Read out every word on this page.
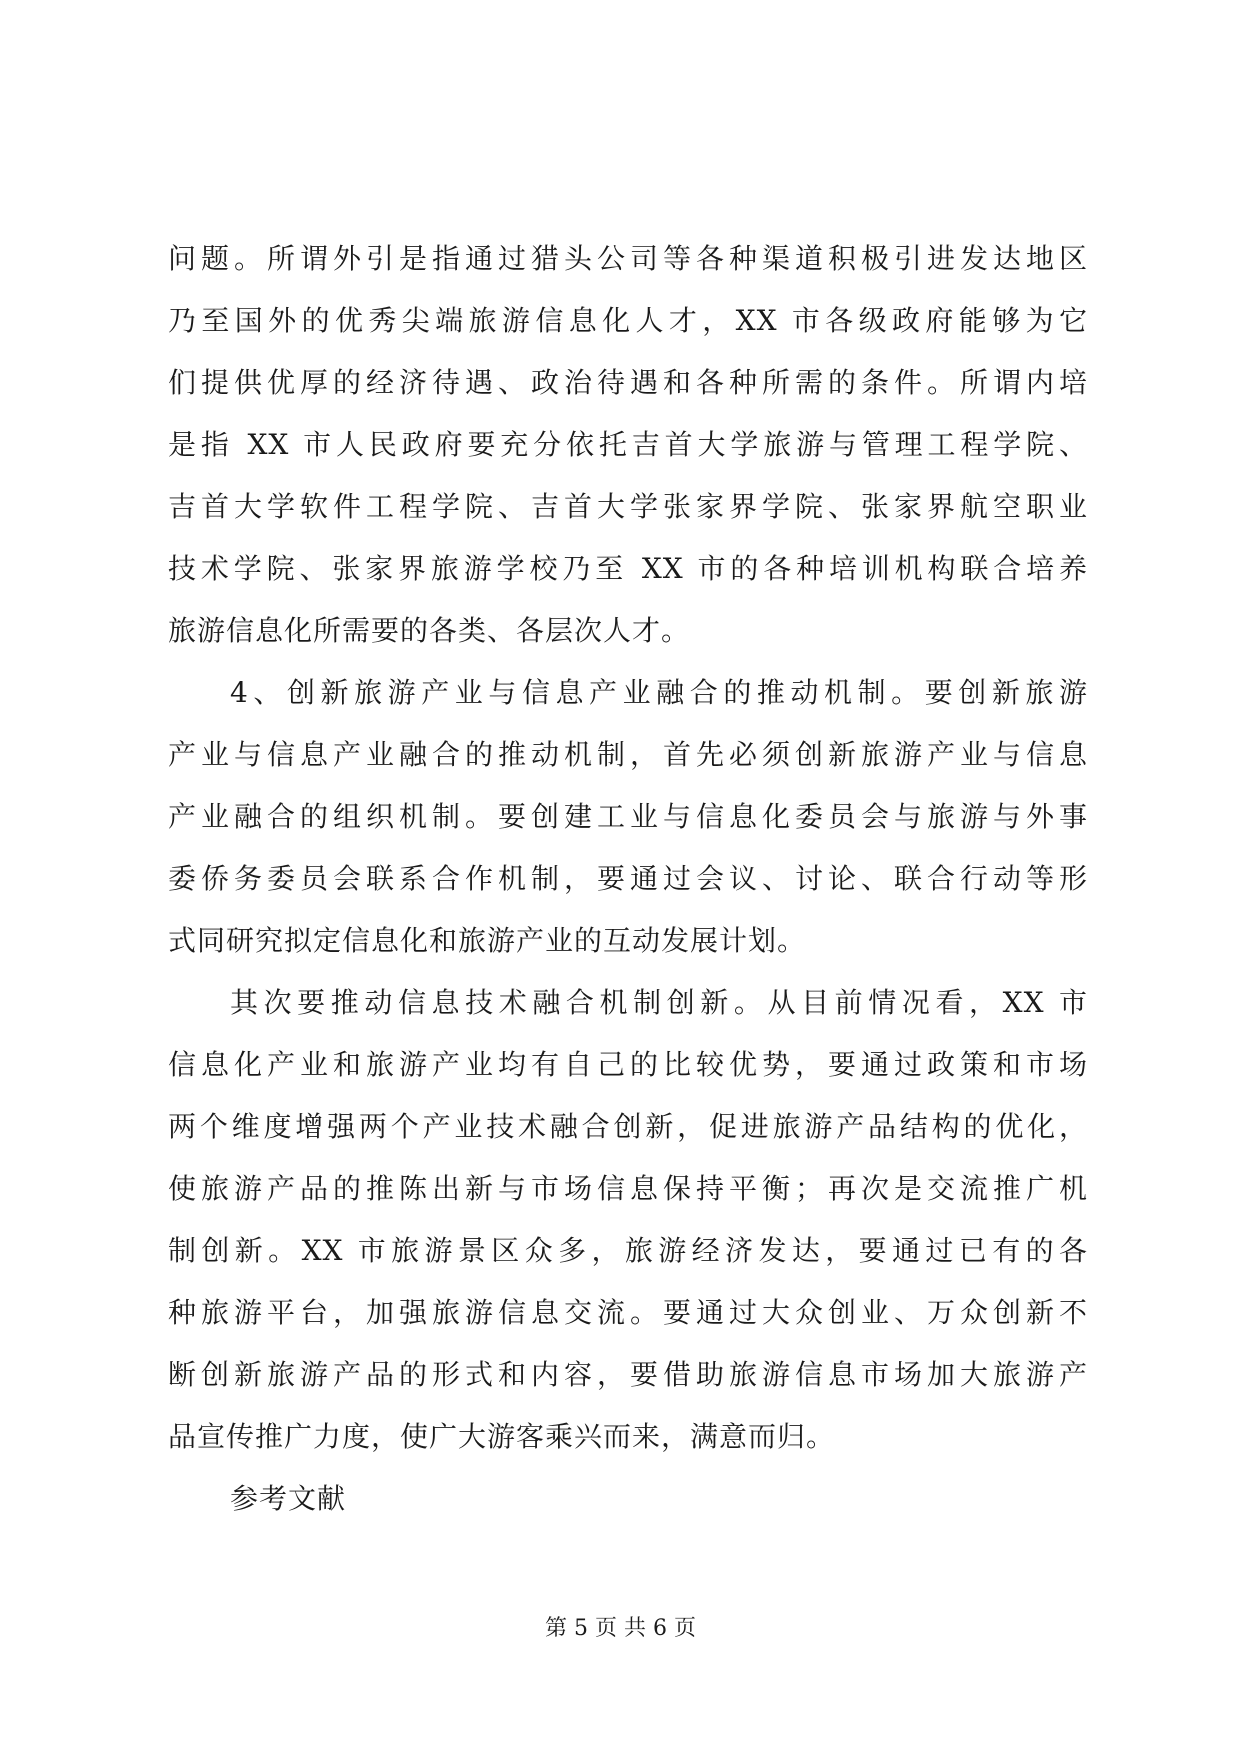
问题。所谓外引是指通过猎头公司等各种渠道积极引进发达地区
乃至国外的优秀尖端旅游信息化人才，XX 市各级政府能够为它
们提供优厚的经济待遇、政治待遇和各种所需的条件。所谓内培
是指 XX 市人民政府要充分依托吉首大学旅游与管理工程学院、
吉首大学软件工程学院、吉首大学张家界学院、张家界航空职业
技术学院、张家界旅游学校乃至 XX 市的各种培训机构联合培养
旅游信息化所需要的各类、各层次人才。
4、创新旅游产业与信息产业融合的推动机制。要创新旅游
产业与信息产业融合的推动机制，首先必须创新旅游产业与信息
产业融合的组织机制。要创建工业与信息化委员会与旅游与外事
委侨务委员会联系合作机制，要通过会议、讨论、联合行动等形
式同研究拟定信息化和旅游产业的互动发展计划。
其次要推动信息技术融合机制创新。从目前情况看，XX 市
信息化产业和旅游产业均有自己的比较优势，要通过政策和市场
两个维度增强两个产业技术融合创新，促进旅游产品结构的优化，
使旅游产品的推陈出新与市场信息保持平衡；再次是交流推广机
制创新。XX 市旅游景区众多，旅游经济发达，要通过已有的各
种旅游平台，加强旅游信息交流。要通过大众创业、万众创新不
断创新旅游产品的形式和内容，要借助旅游信息市场加大旅游产
品宣传推广力度，使广大游客乘兴而来，满意而归。
参考文献
第 5 页 共 6 页
